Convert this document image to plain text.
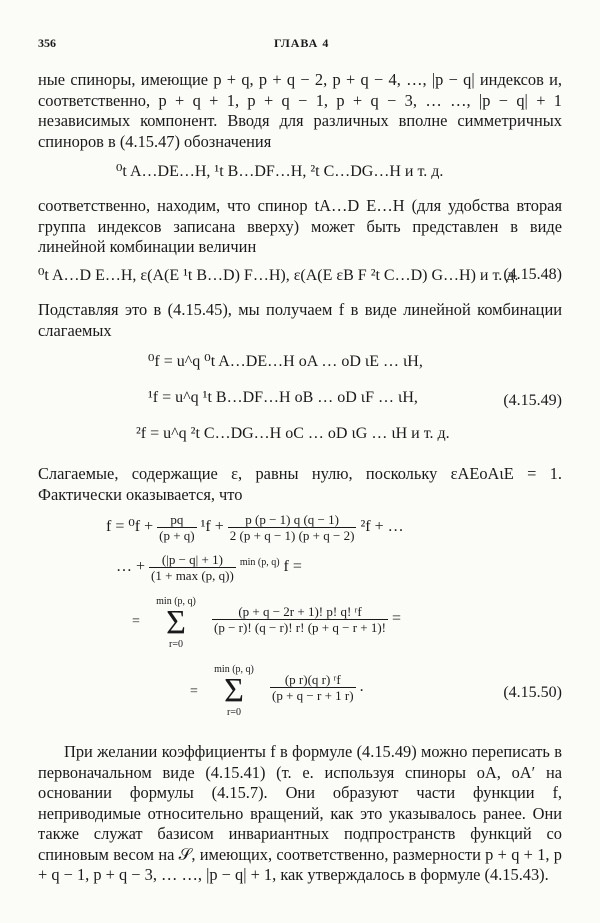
356	ГЛАВА 4

ные спиноры, имеющие p + q, p + q − 2, p + q − 4, …, |p − q| индексов и, соответственно, p + q + 1, p + q − 1, p + q − 3, … …, |p − q| + 1 независимых компонент. Вводя для различных вполне симметричных спиноров в (4.15.47) обозначения

⁰t A…DE…H, ¹t B…DF…H, ²t C…DG…H и т. д.

соответственно, находим, что спинор tA…D E…H (для удобства вторая группа индексов записана вверху) может быть представлен в виде линейной комбинации величин

⁰t A…D E…H, ε(A(E ¹t B…D) F…H), ε(A(E εB F ²t C…D) G…H) и т. д.
(4.15.48)

Подставляя это в (4.15.45), мы получаем f в виде линейной комбинации слагаемых

⁰f = u^q ⁰t A…DE…H oA … oD ιE … ιH,
¹f = u^q ¹t B…DF…H oB … oD ιF … ιH,	(4.15.49)
²f = u^q ²t C…DG…H oC … oD ιG … ιH и т. д.

Слагаемые, содержащие ε, равны нулю, поскольку εAEoAιE = 1. Фактически оказывается, что

$f = ^0f + \frac{pq}{(p + q)} ^1f + \frac{p (p - 1) q (q - 1)}{2 (p + q - 1) (p + q - 2)} ^2f$ + …
… + $\frac{(|p - q| + 1)}{(1 + \max (p, q))} ^{min (p, q)}$ f =
=
min (p, q)
Σ
r=0
$\frac{\text{(p + q − 2r + 1)! p! q! ʳf}}{(p - r)! (q - r)! r! (p + q - r + 1)!}$ =
=
min (p, q)
Σ
r=0
$\frac{\text{(p r)(q r) ʳf}}{(p + q - r + 1 r)}$ .	(4.15.50)

При желании коэффициенты f в формуле (4.15.49) можно переписать в первоначальном виде (4.15.41) (т. е. используя спиноры oA, oA′ на основании формулы (4.15.7). Они образуют части функции f, неприводимые относительно вращений, как это указывалось ранее. Они также служат базисом инвариантных подпространств функций со спиновым весом на 𝒮, имеющих, соответственно, размерности p + q + 1, p + q − 1, p + q − 3, … …, |p − q| + 1, как утверждалось в формуле (4.15.43).
